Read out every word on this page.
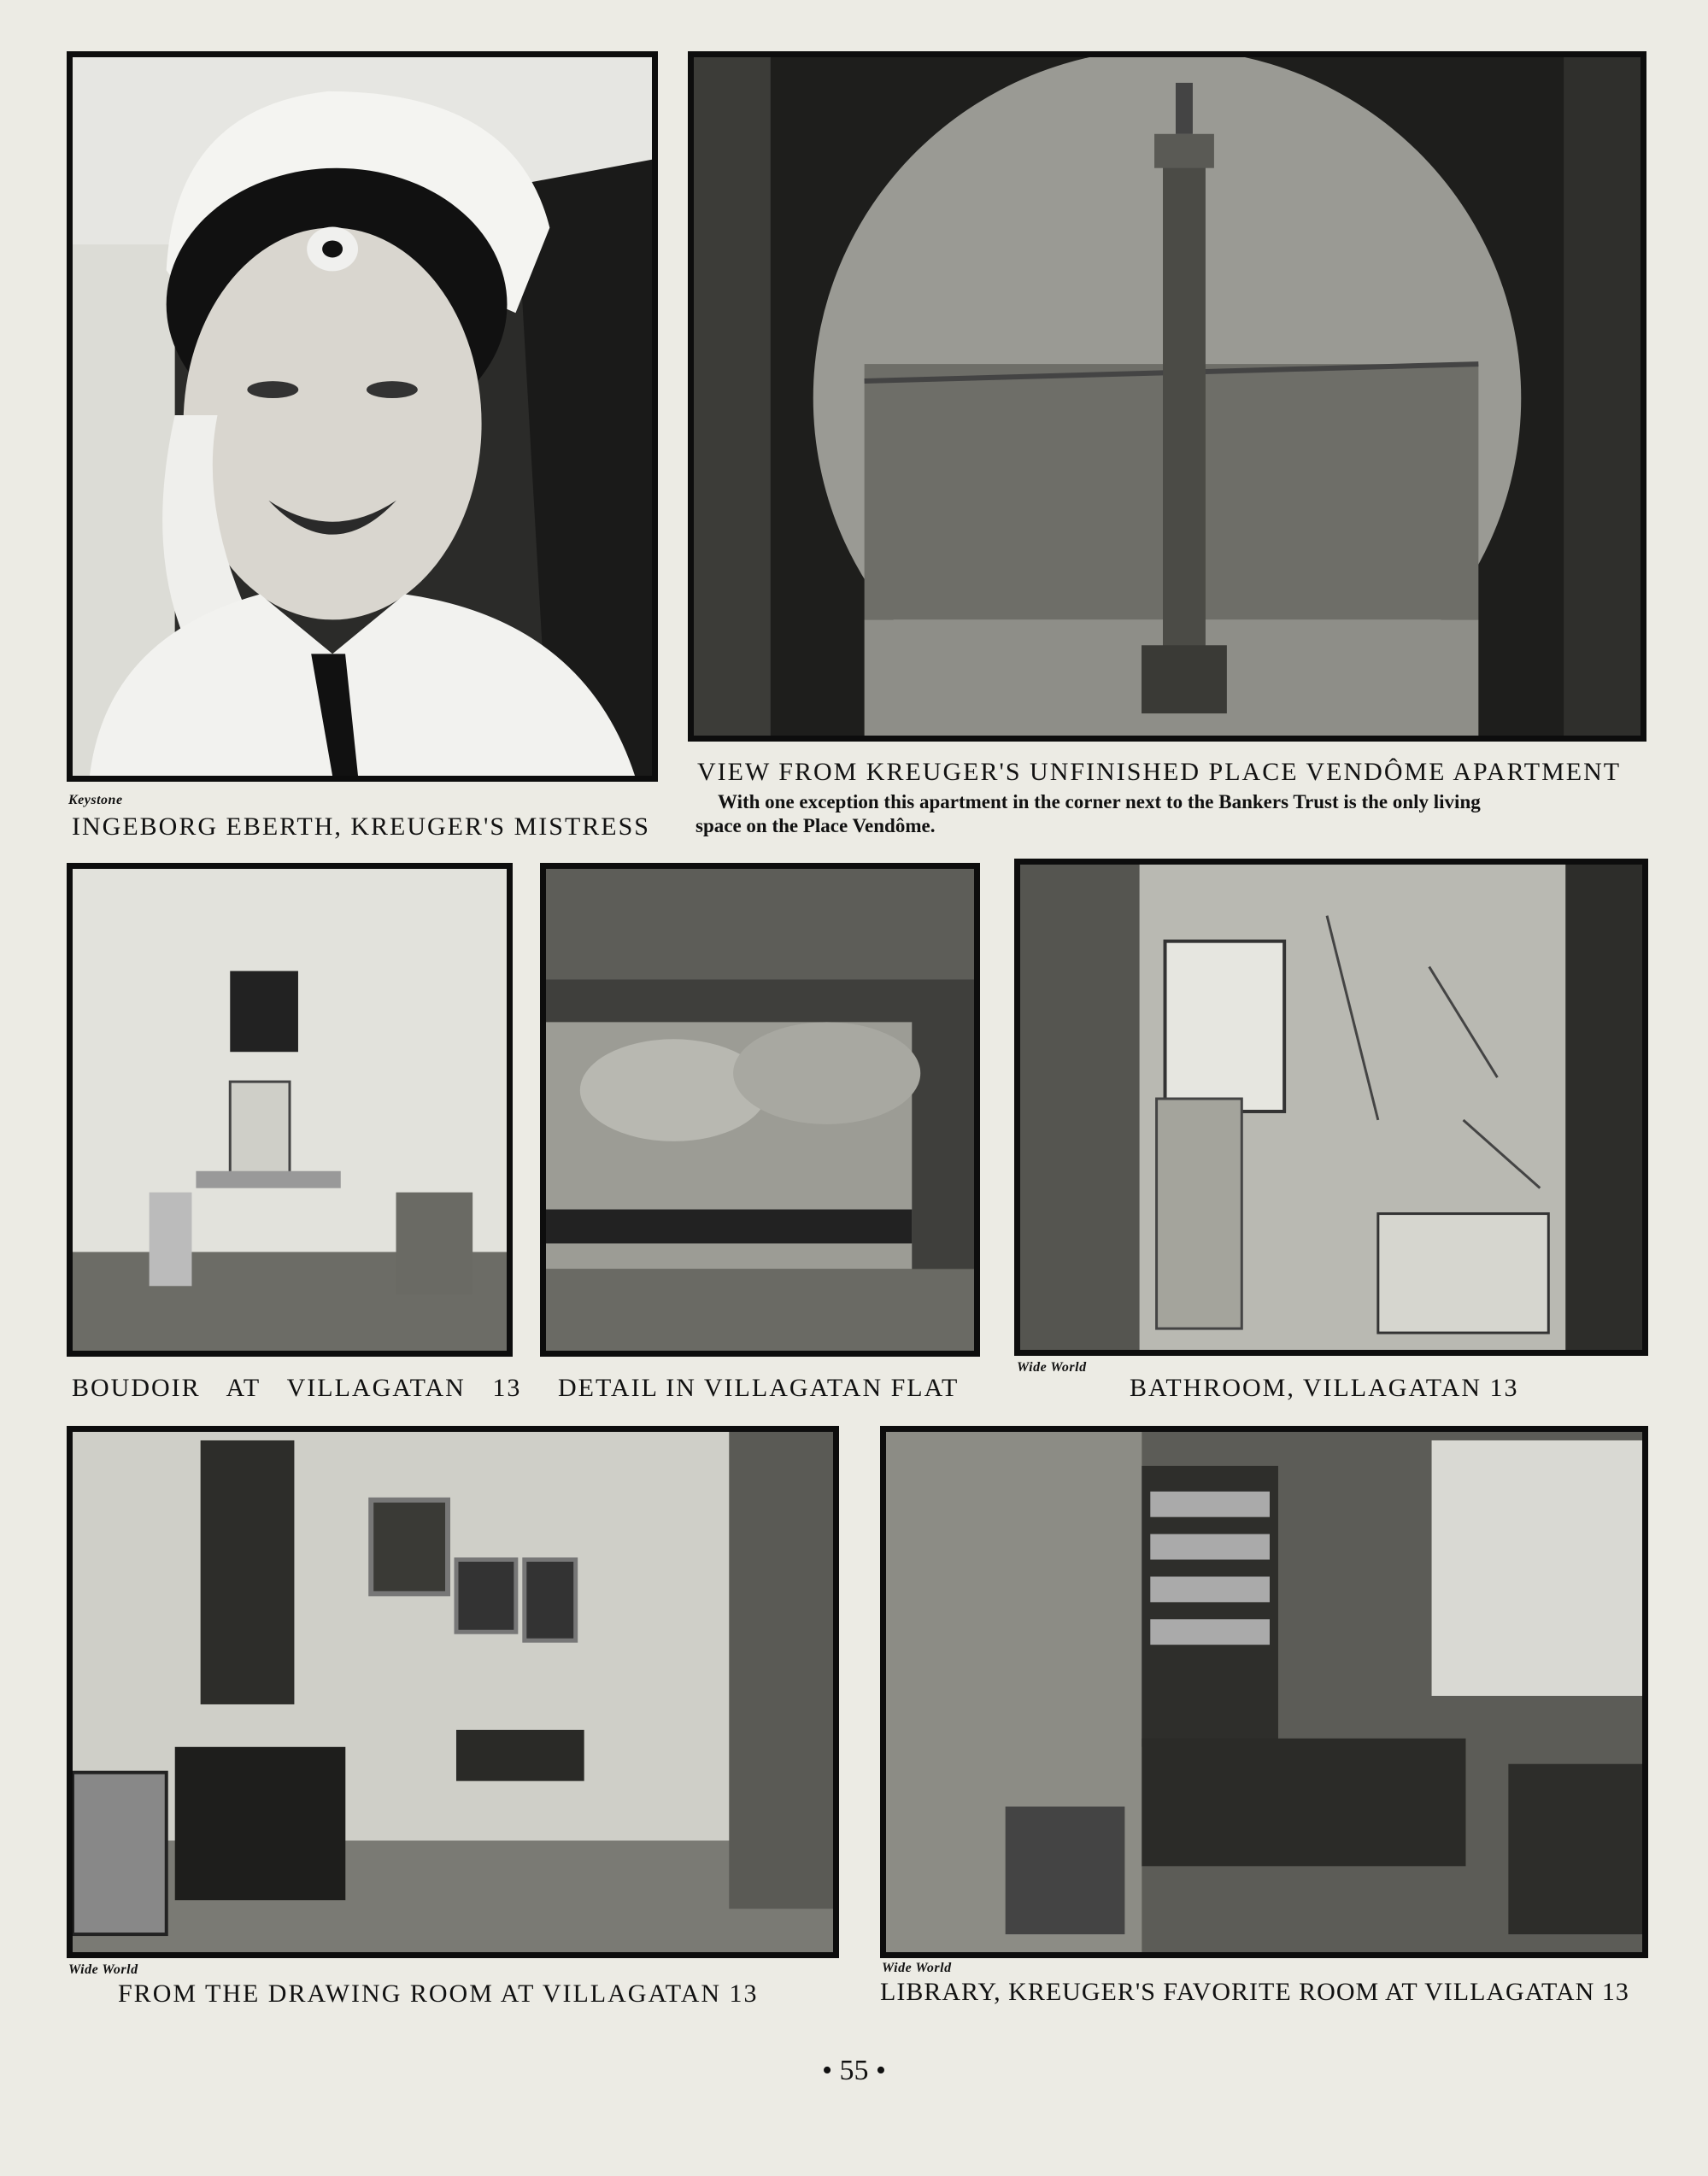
Keystone
INGEBORG EBERTH, KREUGER'S MISTRESS
VIEW FROM KREUGER'S UNFINISHED PLACE VENDÔME APARTMENT
With one exception this apartment in the corner next to the Bankers Trust is the only living
space on the Place Vendôme.
BOUDOIR AT VILLAGATAN 13 DETAIL IN VILLAGATAN FLAT
Wide World
BATHROOM, VILLAGATAN 13
Wide World
FROM THE DRAWING ROOM AT VILLAGATAN 13
Wide World
LIBRARY, KREUGER'S FAVORITE ROOM AT VILLAGATAN 13
• 55 •
